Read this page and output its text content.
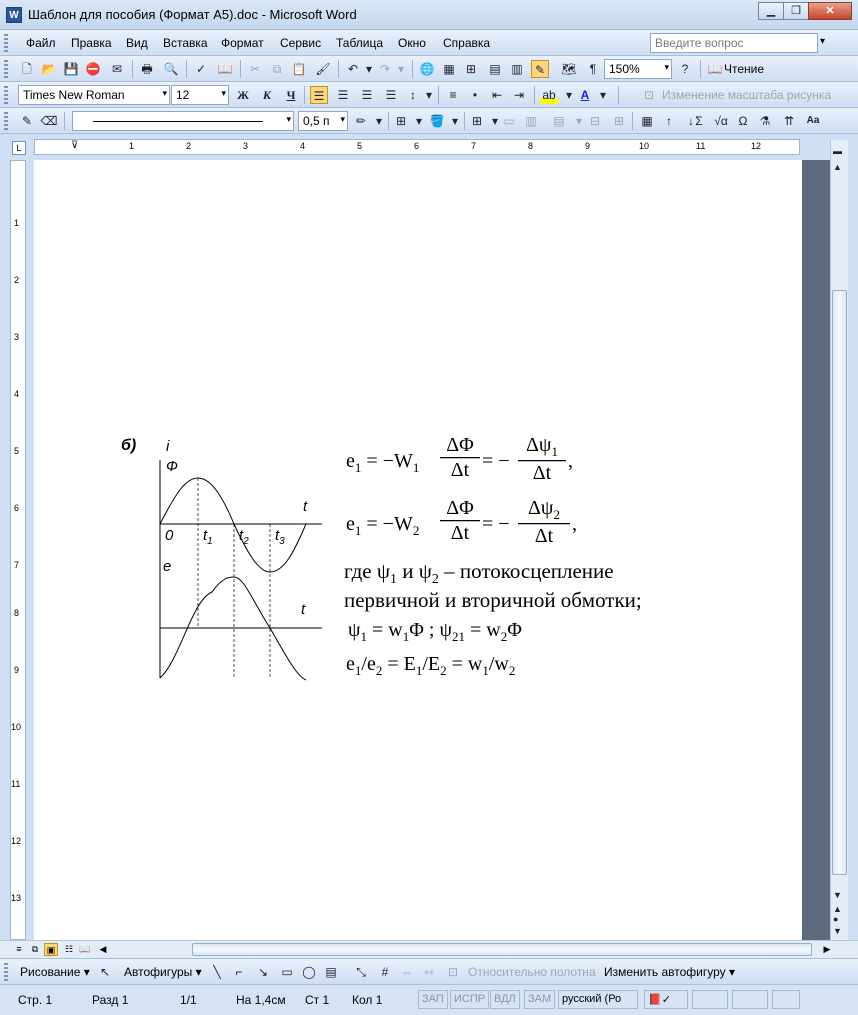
W Шаблон для пособия (Формат А5).doc - Microsoft Word	▁	❐	✕
Файл Правка Вид Вставка Формат Сервис Таблица Окно Справка	Введите вопрос	▾
🗋 📂 💾 ⛔ ✉	🖶 🔍	✓ 📖	✂	⧉ 📋 🖌	↶ ▾ ↷ ▾	🌐 ▦ ⊞	▤ ▥	✎	🗺	¶	150%	▾	?	📖 Чтение
Times New Roman	▾ 12	▾ Ж	К	Ч	☰	☰	☰	☰	↕ ▾	≡	•	⇤ ⇥	ab ▾ A ▾	⊡ Изменение масштаба рисунка
✎ ⌫	▾	0,5 п ▾ ✏ ▾	⊞ ▾ 🪣 ▾	⊞ ▾ ▭ ▥ ▤ ▾ ⊟	⊞	▦	↑	↓ Σ √α Ω	⚗	⇈	Aa
⊽	1	2	3	4	5	6	7	8	9	10	11	12
L
1
2
3
4
5
6
7
8
9
10
11
12
13
б) i
Ф
t
0 $t_1$ $t_2$ $t_3$
е
t
$e_1 = -W_1$
ΔΦ
Δt = −
$\Delta\psi_1$
Δt
,
$e_1 = -W_2$
ΔΦ
Δt = −
$\Delta\psi_2$
Δt
,
где $\psi_1$ и $\psi_2$ – потокосцепление
первичной и вторичной обмотки;
$\psi_1 = w_1\Phi$ ; $\psi_{21} = w_2\Phi$
$e_1/e_2 = E_1/E_2 = w_1/w_2$
▬
▲
▼
▲
●
▼
≡	⧉ ▣	☷ 📖 ◀	▶
Рисование ▾ ↖	Автофигуры ▾ ╲	⌐	↘	▭ ◯ ▤	⤡	#	⇔ ⇿	⊡ Относительно полотна Изменить автофигуру ▾
Стр. 1	Разд 1	1/1	На 1,4см Ст 1 Кол 1	ЗАП ИСПР ВДЛ	ЗАМ русский (Ро	📕✓
